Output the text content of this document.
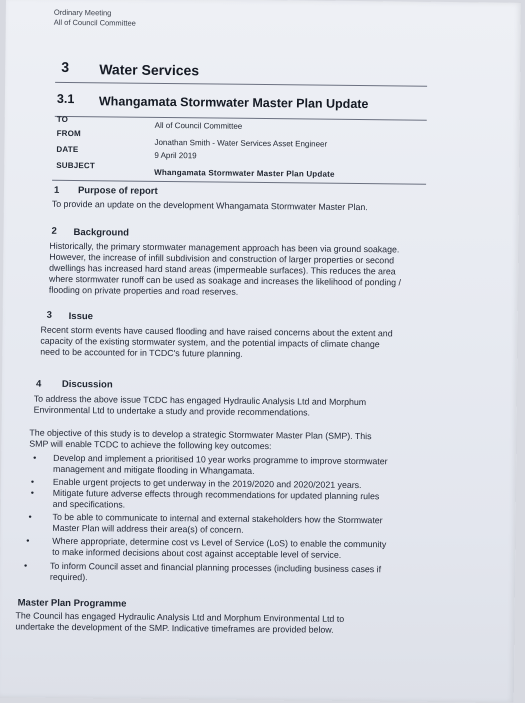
Ordinary Meeting
All of Council Committee
3 Water Services
3.1 Whangamata Stormwater Master Plan Update
TO
All of Council Committee
FROM
Jonathan Smith - Water Services Asset Engineer
DATE
9 April 2019
SUBJECT
Whangamata Stormwater Master Plan Update
1 Purpose of report
To provide an update on the development Whangamata Stormwater Master Plan.
2 Background
Historically, the primary stormwater management approach has been via ground soakage.
However, the increase of infill subdivision and construction of larger properties or second
dwellings has increased hard stand areas (impermeable surfaces). This reduces the area
where stormwater runoff can be used as soakage and increases the likelihood of ponding /
flooding on private properties and road reserves.
3 Issue
Recent storm events have caused flooding and have raised concerns about the extent and
capacity of the existing stormwater system, and the potential impacts of climate change
need to be accounted for in TCDC's future planning.
4 Discussion
To address the above issue TCDC has engaged Hydraulic Analysis Ltd and Morphum
Environmental Ltd to undertake a study and provide recommendations.
The objective of this study is to develop a strategic Stormwater Master Plan (SMP). This
SMP will enable TCDC to achieve the following key outcomes:
• Develop and implement a prioritised 10 year works programme to improve stormwater
management and mitigate flooding in Whangamata.
• Enable urgent projects to get underway in the 2019/2020 and 2020/2021 years.
• Mitigate future adverse effects through recommendations for updated planning rules
and specifications.
• To be able to communicate to internal and external stakeholders how the Stormwater
Master Plan will address their area(s) of concern.
•	Where appropriate, determine cost vs Level of Service (LoS) to enable the community
to make informed decisions about cost against acceptable level of service.
•	To inform Council asset and financial planning processes (including business cases if
required).
Master Plan Programme
The Council has engaged Hydraulic Analysis Ltd and Morphum Environmental Ltd to
undertake the development of the SMP. Indicative timeframes are provided below.
